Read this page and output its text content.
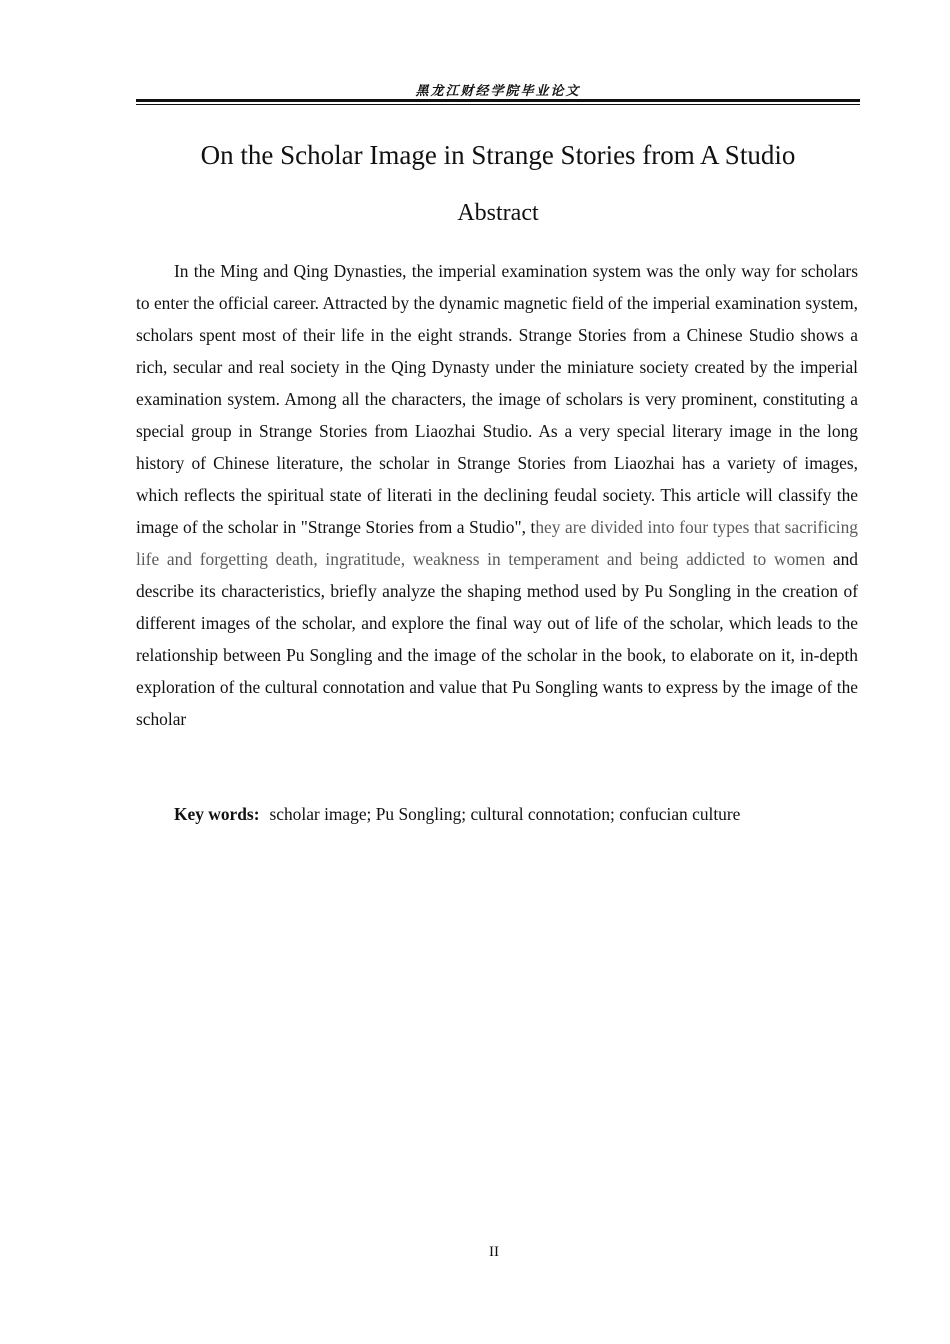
黑龙江财经学院毕业论文
On the Scholar Image in Strange Stories from A Studio
Abstract

In the Ming and Qing Dynasties, the imperial examination system was the only way for scholars to enter the official career. Attracted by the dynamic magnetic field of the imperial examination system, scholars spent most of their life in the eight strands. Strange Stories from a Chinese Studio shows a rich, secular and real society in the Qing Dynasty under the miniature society created by the imperial examination system. Among all the characters, the image of scholars is very prominent, constituting a special group in Strange Stories from Liaozhai Studio. As a very special literary image in the long history of Chinese literature, the scholar in Strange Stories from Liaozhai has a variety of images, which reflects the spiritual state of literati in the declining feudal society. This article will classify the image of the scholar in "Strange Stories from a Studio", they are divided into four types that sacrificing life and forgetting death, ingratitude, weakness in temperament and being addicted to women and describe its characteristics, briefly analyze the shaping method used by Pu Songling in the creation of different images of the scholar, and explore the final way out of life of the scholar, which leads to the relationship between Pu Songling and the image of the scholar in the book, to elaborate on it, in-depth exploration of the cultural connotation and value that Pu Songling wants to express by the image of the scholar

Key words: scholar image; Pu Songling; cultural connotation; confucian culture

II
